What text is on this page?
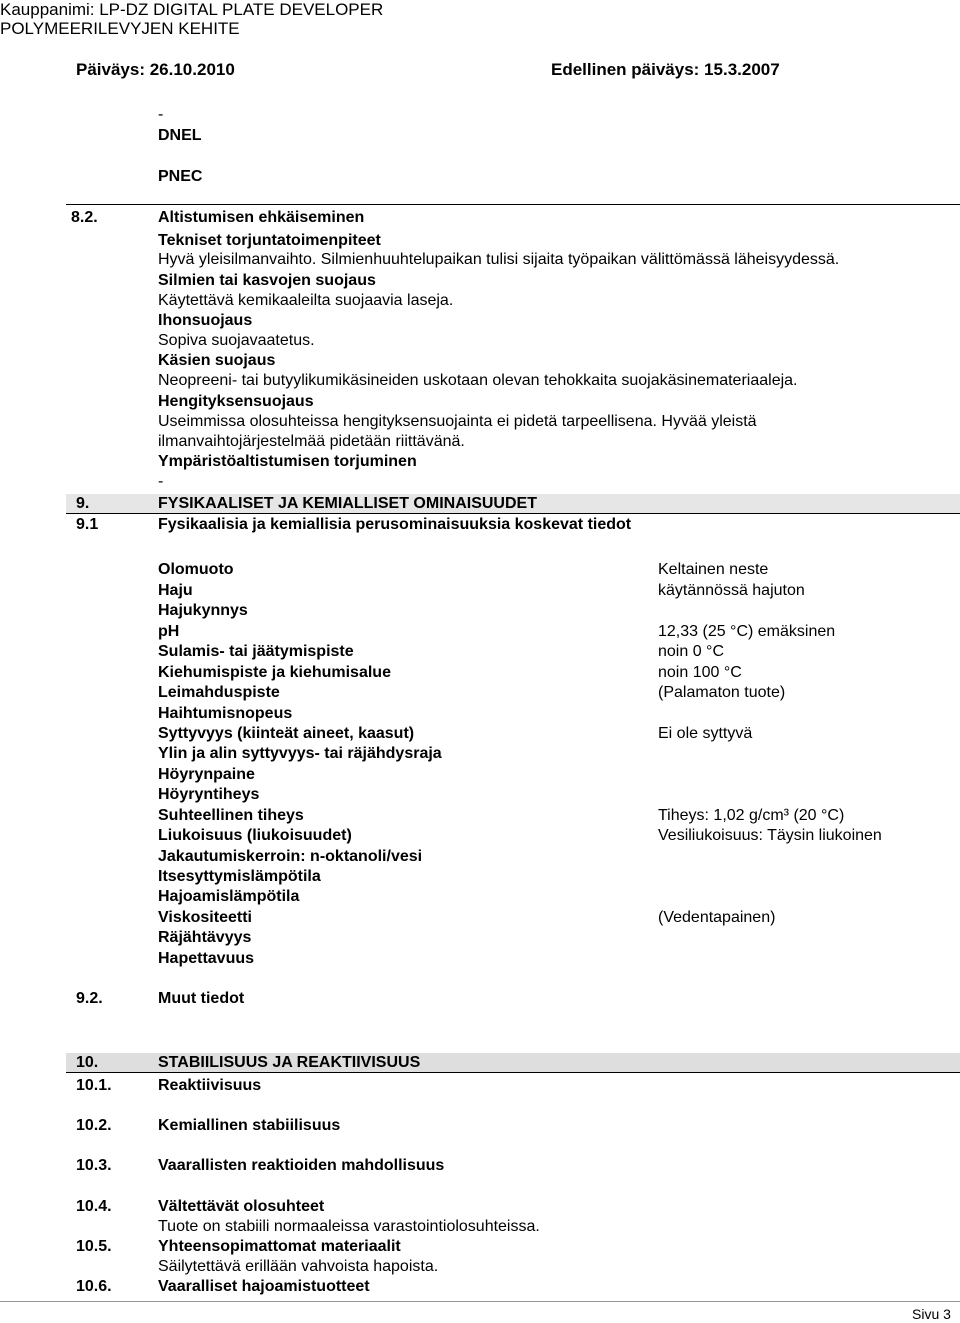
Kauppanimi: LP-DZ DIGITAL PLATE DEVELOPER
POLYMEERILEVYJEN KEHITE
Päiväys: 26.10.2010	Edellinen päiväys: 15.3.2007
-
DNEL
PNEC
8.2.	Altistumisen ehkäiseminen
Tekniset torjuntatoimenpiteet
Hyvä yleisilmanvaihto. Silmienhuuhtelupaikan tulisi sijaita työpaikan välittömässä läheisyydessä.
Silmien tai kasvojen suojaus
Käytettävä kemikaaleilta suojaavia laseja.
Ihonsuojaus
Sopiva suojavaatetus.
Käsien suojaus
Neopreeni- tai butyylikumikäsineiden uskotaan olevan tehokkaita suojakäsinemateriaaleja.
Hengityksensuojaus
Useimmissa olosuhteissa hengityksensuojainta ei pidetä tarpeellisena. Hyvää yleistä
ilmanvaihtojärjestelmää pidetään riittävänä.
Ympäristöaltistumisen torjuminen
-
9.	FYSIKAALISET JA KEMIALLISET OMINAISUUDET
9.1	Fysikaalisia ja kemiallisia perusominaisuuksia koskevat tiedot
Olomuoto	Keltainen neste
Haju	käytännössä hajuton
Hajukynnys
pH	12,33 (25 °C) emäksinen
Sulamis- tai jäätymispiste	noin 0 °C
Kiehumispiste ja kiehumisalue	noin 100 °C
Leimahduspiste	(Palamaton tuote)
Haihtumisnopeus
Syttyvyys (kiinteät aineet, kaasut)	Ei ole syttyvä
Ylin ja alin syttyvyys- tai räjähdysraja
Höyrynpaine
Höyryntiheys
Suhteellinen tiheys	Tiheys: 1,02 g/cm³ (20 °C)
Liukoisuus (liukoisuudet)	Vesiliukoisuus: Täysin liukoinen
Jakautumiskerroin: n-oktanoli/vesi
Itsesyttymislämpötila
Hajoamislämpötila
Viskositeetti	(Vedentapainen)
Räjähtävyys
Hapettavuus
9.2.	Muut tiedot
10.	STABIILISUUS JA REAKTIIVISUUS
10.1.	Reaktiivisuus
10.2.	Kemiallinen stabiilisuus
10.3.	Vaarallisten reaktioiden mahdollisuus
10.4.	Vältettävät olosuhteet
Tuote on stabiili normaaleissa varastointiolosuhteissa.
10.5.	Yhteensopimattomat materiaalit
Säilytettävä erillään vahvoista hapoista.
10.6.	Vaaralliset hajoamistuotteet
Sivu 3
